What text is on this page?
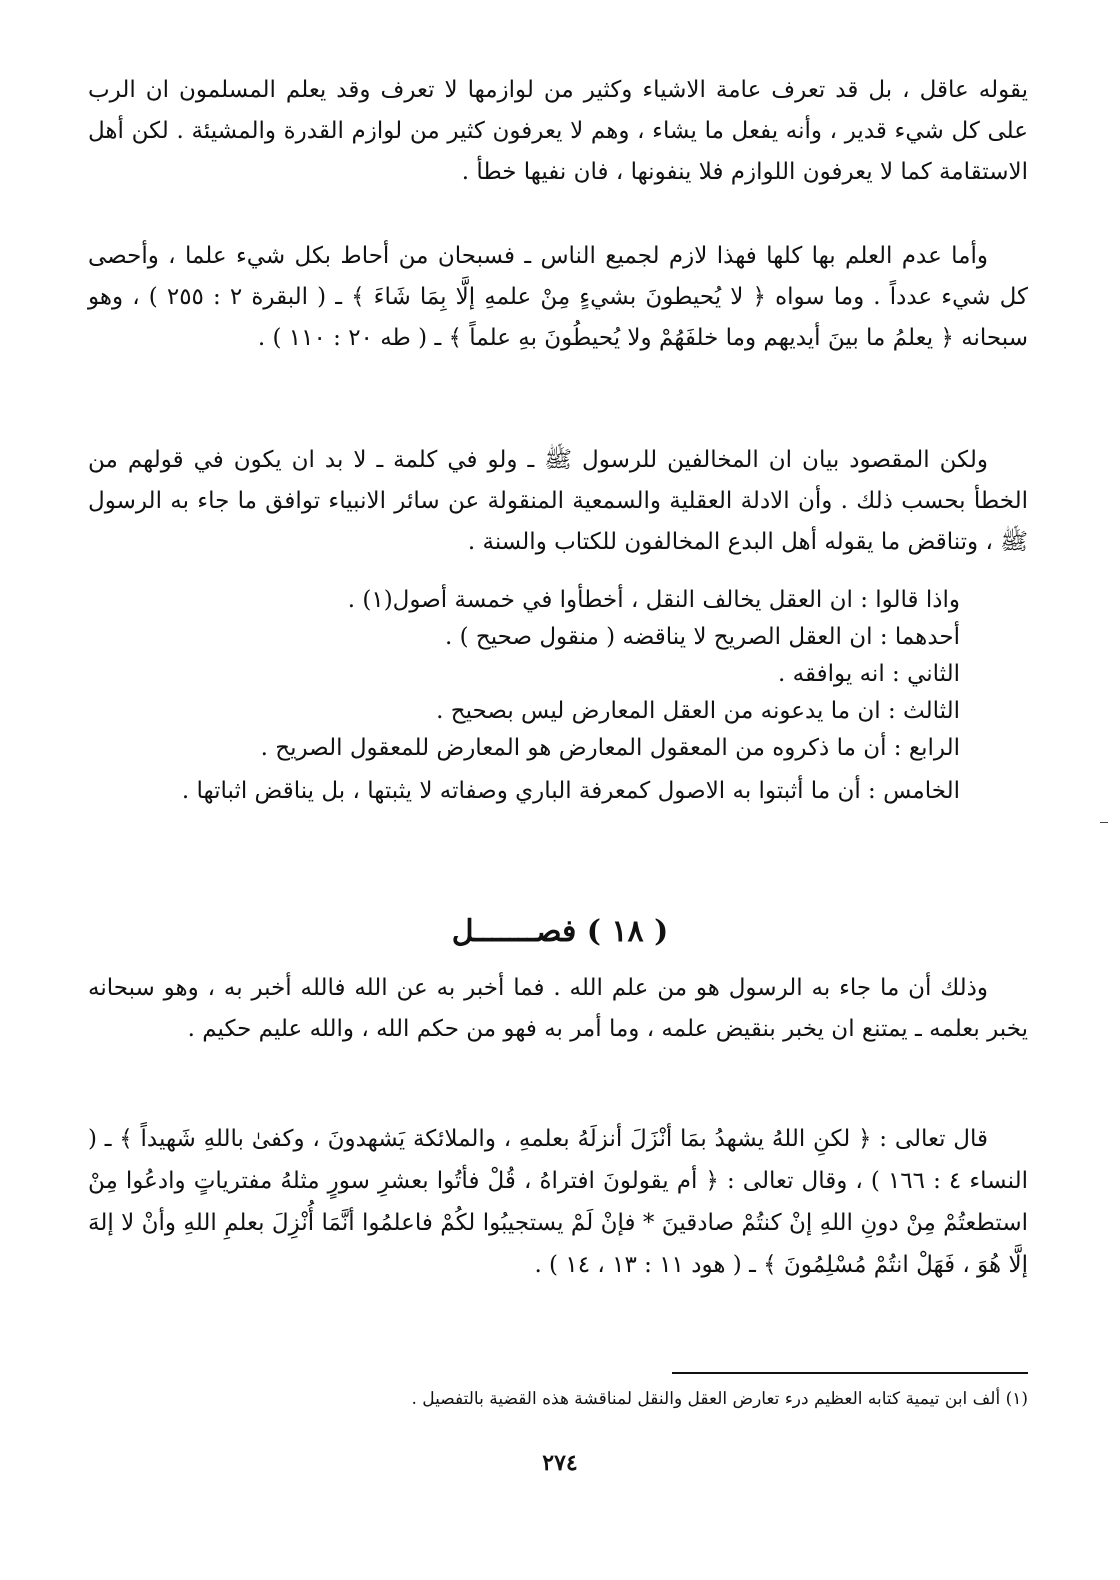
يقوله عاقل ، بل قد تعرف عامة الاشياء وكثير من لوازمها لا تعرف وقد يعلم المسلمون ان الرب على كل شيء قدير ، وأنه يفعل ما يشاء ، وهم لا يعرفون كثير من لوازم القدرة والمشيئة . لكن أهل الاستقامة كما لا يعرفون اللوازم فلا ينفونها ، فان نفيها خطأ .
وأما عدم العلم بها كلها فهذا لازم لجميع الناس ـ فسبحان من أحاط بكل شيء علما ، وأحصى كل شيء عدداً . وما سواه ﴿ لا يُحيطونَ بشيءٍ مِنْ علمهِ إلَّا بِمَا شَاءَ ﴾ ـ ( البقرة ٢ : ٢٥٥ ) ، وهو سبحانه ﴿ يعلمُ ما بينَ أيديهم وما خلفَهُمْ ولا يُحيطُونَ بهِ علماً ﴾ ـ ( طه ٢٠ : ١١٠ ) .
ولكن المقصود بيان ان المخالفين للرسول ﷺ ـ ولو في كلمة ـ لا بد ان يكون في قولهم من الخطأ بحسب ذلك . وأن الادلة العقلية والسمعية المنقولة عن سائر الانبياء توافق ما جاء به الرسول ﷺ ، وتناقض ما يقوله أهل البدع المخالفون للكتاب والسنة .
واذا قالوا : ان العقل يخالف النقل ، أخطأوا في خمسة أصول(١) .
أحدهما : ان العقل الصريح لا يناقضه ( منقول صحيح ) .
الثاني : انه يوافقه .
الثالث : ان ما يدعونه من العقل المعارض ليس بصحيح .
الرابع : أن ما ذكروه من المعقول المعارض هو المعارض للمعقول الصريح .
الخامس : أن ما أثبتوا به الاصول كمعرفة الباري وصفاته لا يثبتها ، بل يناقض اثباتها .
( ١٨ ) فصـــــــل
وذلك أن ما جاء به الرسول هو من علم الله . فما أخبر به عن الله فالله أخبر به ، وهو سبحانه يخبر بعلمه ـ يمتنع ان يخبر بنقيض علمه ، وما أمر به فهو من حكم الله ، والله عليم حكيم .
قال تعالى : ﴿ لكنِ اللهُ يشهدُ بمَا أنْزَلَ أنزلَهُ بعلمهِ ، والملائكة يَشهدونَ ، وكفىٰ باللهِ شَهيداً ﴾ ـ ( النساء ٤ : ١٦٦ ) ، وقال تعالى : ﴿ أم يقولونَ افتراهُ ، قُلْ فأتُوا بعشرِ سورٍ مثلهُ مفترياتٍ وادعُوا مِنْ استطعتُمْ مِنْ دونِ اللهِ إنْ كنتُمْ صادقينَ * فإنْ لَمْ يستجيبُوا لكُمْ فاعلمُوا أنَّمَا أُنْزِلَ بعلمِ اللهِ وأنْ لا إلهَ إلَّا هُوَ ، فَهَلْ انتُمْ مُسْلِمُونَ ﴾ ـ ( هود ١١ : ١٣ ، ١٤ ) .
(١) ألف ابن تيمية كتابه العظيم درء تعارض العقل والنقل لمناقشة هذه القضية بالتفصيل .
٢٧٤
